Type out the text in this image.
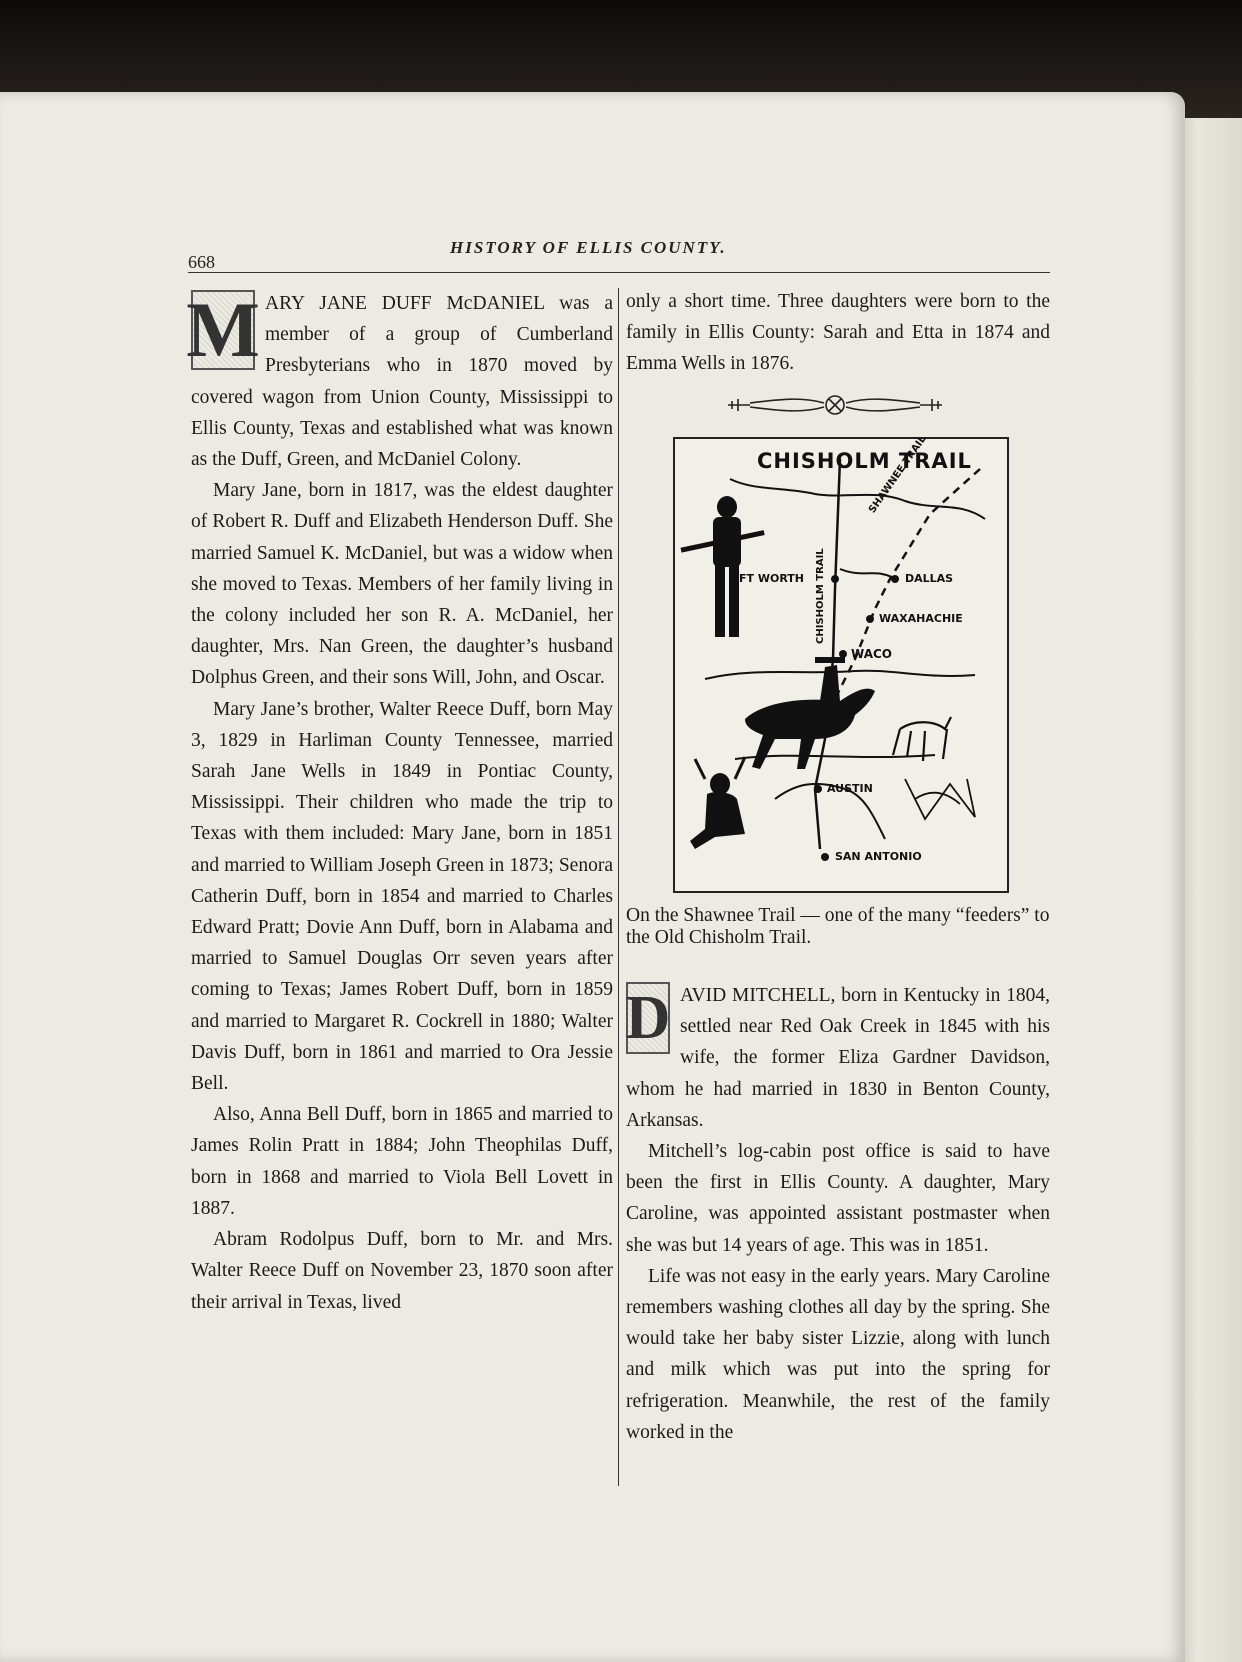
668
HISTORY OF ELLIS COUNTY.

M ARY JANE DUFF McDANIEL was a member of a group of Cumberland Presbyterians who in 1870 moved by covered wagon from Union County, Mississippi to Ellis County, Texas and established what was known as the Duff, Green, and McDaniel Colony.

Mary Jane, born in 1817, was the eldest daughter of Robert R. Duff and Elizabeth Henderson Duff. She married Samuel K. McDaniel, but was a widow when she moved to Texas. Members of her family living in the colony included her son R. A. McDaniel, her daughter, Mrs. Nan Green, the daughter’s husband Dolphus Green, and their sons Will, John, and Oscar.

Mary Jane’s brother, Walter Reece Duff, born May 3, 1829 in Harliman County Tennessee, married Sarah Jane Wells in 1849 in Pontiac County, Mississippi. Their children who made the trip to Texas with them included: Mary Jane, born in 1851 and married to William Joseph Green in 1873; Senora Catherin Duff, born in 1854 and married to Charles Edward Pratt; Dovie Ann Duff, born in Alabama and married to Samuel Douglas Orr seven years after coming to Texas; James Robert Duff, born in 1859 and married to Margaret R. Cockrell in 1880; Walter Davis Duff, born in 1861 and married to Ora Jessie Bell.

Also, Anna Bell Duff, born in 1865 and married to James Rolin Pratt in 1884; John Theophilas Duff, born in 1868 and married to Viola Bell Lovett in 1887.

Abram Rodolpus Duff, born to Mr. and Mrs. Walter Reece Duff on November 23, 1870 soon after their arrival in Texas, lived

only a short time. Three daughters were born to the family in Ellis County: Sarah and Etta in 1874 and Emma Wells in 1876.

CHISHOLM TRAIL
SHAWNEE TRAIL
CHISHOLM TRAIL
FT WORTH	DALLAS
WAXAHACHIE
WACO
AUSTIN
SAN ANTONIO
On the Shawnee Trail — one of the many “feeders” to the Old Chisholm Trail.

D AVID MITCHELL, born in Kentucky in 1804, settled near Red Oak Creek in 1845 with his wife, the former Eliza Gardner Davidson, whom he had married in 1830 in Benton County, Arkansas.

Mitchell’s log-cabin post office is said to have been the first in Ellis County. A daughter, Mary Caroline, was appointed assistant postmaster when she was but 14 years of age. This was in 1851.

Life was not easy in the early years. Mary Caroline remembers washing clothes all day by the spring. She would take her baby sister Lizzie, along with lunch and milk which was put into the spring for refrigeration. Meanwhile, the rest of the family worked in the
